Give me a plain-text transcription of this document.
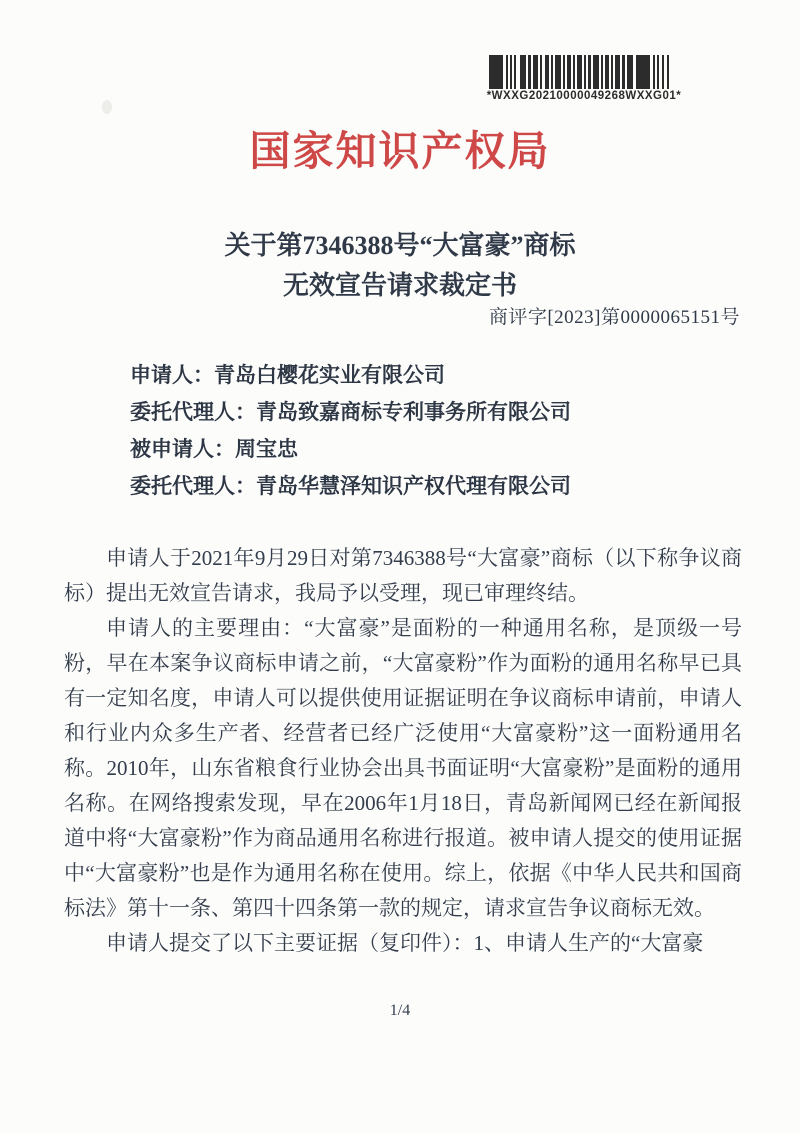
*WXXG20210000049268WXXG01*
国家知识产权局
关于第7346388号“大富豪”商标
无效宣告请求裁定书
商评字[2023]第0000065151号
申请人：青岛白樱花实业有限公司
委托代理人：青岛致嘉商标专利事务所有限公司
被申请人：周宝忠
委托代理人：青岛华慧泽知识产权代理有限公司

申请人于2021年9月29日对第7346388号“大富豪”商标（以下称争议商标）提出无效宣告请求，我局予以受理，现已审理终结。

申请人的主要理由：“大富豪”是面粉的一种通用名称，是顶级一号粉，早在本案争议商标申请之前，“大富豪粉”作为面粉的通用名称早已具有一定知名度，申请人可以提供使用证据证明在争议商标申请前，申请人和行业内众多生产者、经营者已经广泛使用“大富豪粉”这一面粉通用名称。2010年，山东省粮食行业协会出具书面证明“大富豪粉”是面粉的通用名称。在网络搜索发现，早在2006年1月18日，青岛新闻网已经在新闻报道中将“大富豪粉”作为商品通用名称进行报道。被申请人提交的使用证据中“大富豪粉”也是作为通用名称在使用。综上，依据《中华人民共和国商标法》第十一条、第四十四条第一款的规定，请求宣告争议商标无效。

申请人提交了以下主要证据（复印件）：1、申请人生产的“大富豪

1/4
